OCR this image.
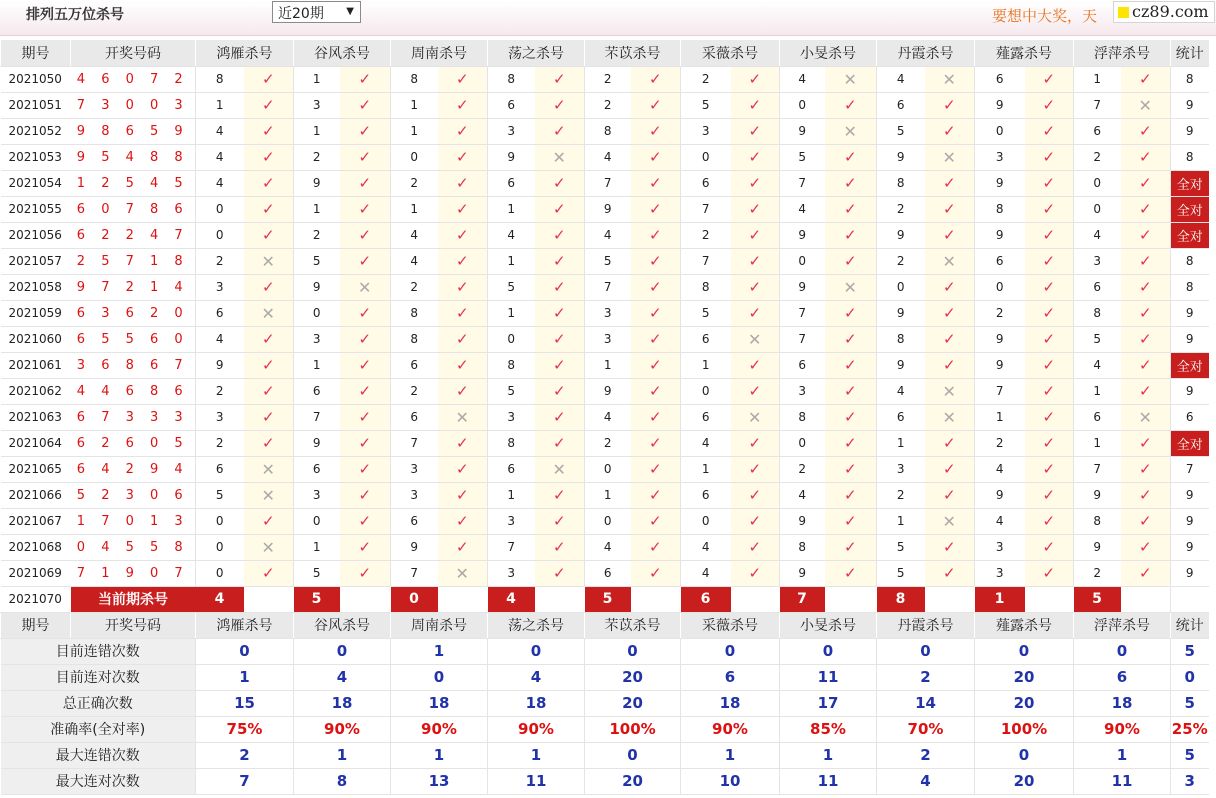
排列五万位杀号	近20期 ▼	要想中大奖，天	cz89.com
期号	开奖号码	鸿雁杀号		谷风杀号		周南杀号		荡之杀号		芣苡杀号		采薇杀号		小旻杀号		丹霞杀号		薤露杀号		浮萍杀号		统计
2021050	4 6 0 7 2	8	✓	1	✓	8	✓	8	✓	2	✓	2	✓	4	✕	4	✕	6	✓	1	✓	8
2021051	7 3 0 0 3	1	✓	3	✓	1	✓	6	✓	2	✓	5	✓	0	✓	6	✓	9	✓	7	✕	9
2021052	9 8 6 5 9	4	✓	1	✓	1	✓	3	✓	8	✓	3	✓	9	✕	5	✓	0	✓	6	✓	9
2021053	9 5 4 8 8	4	✓	2	✓	0	✓	9	✕	4	✓	0	✓	5	✓	9	✕	3	✓	2	✓	8
2021054	1 2 5 4 5	4	✓	9	✓	2	✓	6	✓	7	✓	6	✓	7	✓	8	✓	9	✓	0	✓	全对
2021055	6 0 7 8 6	0	✓	1	✓	1	✓	1	✓	9	✓	7	✓	4	✓	2	✓	8	✓	0	✓	全对
2021056	6 2 2 4 7	0	✓	2	✓	4	✓	4	✓	4	✓	2	✓	9	✓	9	✓	9	✓	4	✓	全对
2021057	2 5 7 1 8	2	✕	5	✓	4	✓	1	✓	5	✓	7	✓	0	✓	2	✕	6	✓	3	✓	8
2021058	9 7 2 1 4	3	✓	9	✕	2	✓	5	✓	7	✓	8	✓	9	✕	0	✓	0	✓	6	✓	8
2021059	6 3 6 2 0	6	✕	0	✓	8	✓	1	✓	3	✓	5	✓	7	✓	9	✓	2	✓	8	✓	9
2021060	6 5 5 6 0	4	✓	3	✓	8	✓	0	✓	3	✓	6	✕	7	✓	8	✓	9	✓	5	✓	9
2021061	3 6 8 6 7	9	✓	1	✓	6	✓	8	✓	1	✓	1	✓	6	✓	9	✓	9	✓	4	✓	全对
2021062	4 4 6 8 6	2	✓	6	✓	2	✓	5	✓	9	✓	0	✓	3	✓	4	✕	7	✓	1	✓	9
2021063	6 7 3 3 3	3	✓	7	✓	6	✕	3	✓	4	✓	6	✕	8	✓	6	✕	1	✓	6	✕	6
2021064	6 2 6 0 5	2	✓	9	✓	7	✓	8	✓	2	✓	4	✓	0	✓	1	✓	2	✓	1	✓	全对
2021065	6 4 2 9 4	6	✕	6	✓	3	✓	6	✕	0	✓	1	✓	2	✓	3	✓	4	✓	7	✓	7
2021066	5 2 3 0 6	5	✕	3	✓	3	✓	1	✓	1	✓	6	✓	4	✓	2	✓	9	✓	9	✓	9
2021067	1 7 0 1 3	0	✓	0	✓	6	✓	3	✓	0	✓	0	✓	9	✓	1	✕	4	✓	8	✓	9
2021068	0 4 5 5 8	0	✕	1	✓	9	✓	7	✓	4	✓	4	✓	8	✓	5	✓	3	✓	9	✓	9
2021069	7 1 9 0 7	0	✓	5	✓	7	✕	3	✓	6	✓	4	✓	9	✓	5	✓	3	✓	2	✓	9
2021070	当前期杀号	4		5		0		4		5		6		7		8		1		5		
期号	开奖号码	鸿雁杀号		谷风杀号		周南杀号		荡之杀号		芣苡杀号		采薇杀号		小旻杀号		丹霞杀号		薤露杀号		浮萍杀号		统计
目前连错次数		0		0		1		0		0		0		0		0		0		0		5
目前连对次数		1		4		0		4		20		6		11		2		20		6		0
总正确次数		15		18		18		18		20		18		17		14		20		18		5
准确率(全对率)		75%		90%		90%		90%		100%		90%		85%		70%		100%		90%		25%
最大连错次数		2		1		1		1		0		1		1		2		0		1		5
最大连对次数		7		8		13		11		20		10		11		4		20		11		3
